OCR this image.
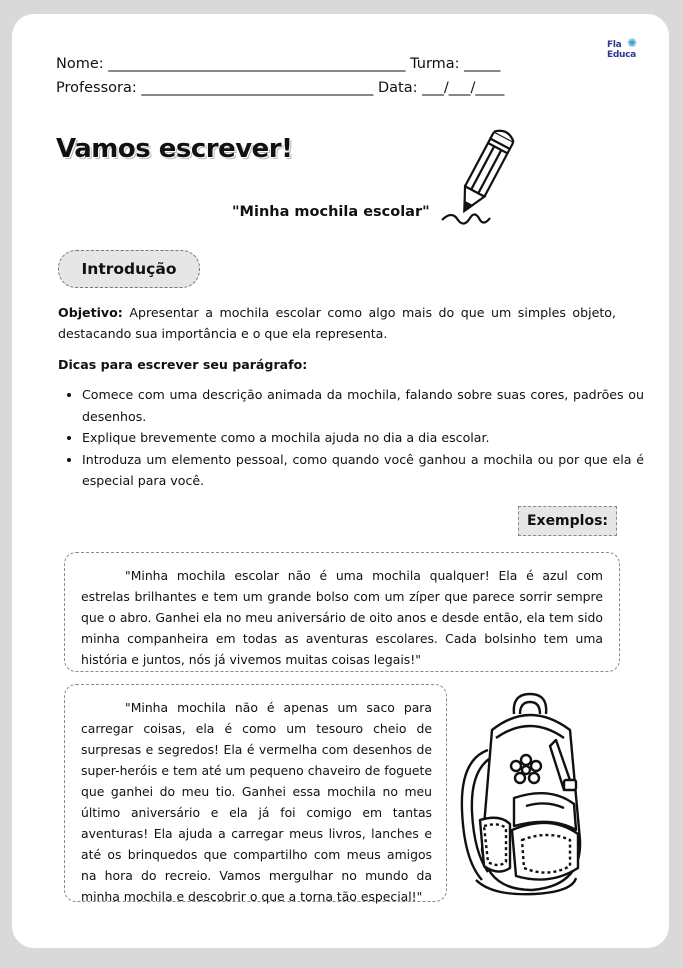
Fla ✺
Educa
Nome: _________________________________________ Turma: _____
Professora: ________________________________ Data: ___/___/____
Vamos escrever!
"Minha mochila escolar"
Introdução
Objetivo: Apresentar a mochila escolar como algo mais do que um simples objeto, destacando sua importância e o que ela representa.
Dicas para escrever seu parágrafo:
• Comece com uma descrição animada da mochila, falando sobre suas cores, padrões ou desenhos.
• Explique brevemente como a mochila ajuda no dia a dia escolar.
• Introduza um elemento pessoal, como quando você ganhou a mochila ou por que ela é especial para você.
Exemplos:
"Minha mochila escolar não é uma mochila qualquer! Ela é azul com estrelas brilhantes e tem um grande bolso com um zíper que parece sorrir sempre que o abro. Ganhei ela no meu aniversário de oito anos e desde então, ela tem sido minha companheira em todas as aventuras escolares. Cada bolsinho tem uma história e juntos, nós já vivemos muitas coisas legais!"
"Minha mochila não é apenas um saco para carregar coisas, ela é como um tesouro cheio de surpresas e segredos! Ela é vermelha com desenhos de super-heróis e tem até um pequeno chaveiro de foguete que ganhei do meu tio. Ganhei essa mochila no meu último aniversário e ela já foi comigo em tantas aventuras! Ela ajuda a carregar meus livros, lanches e até os brinquedos que compartilho com meus amigos na hora do recreio. Vamos mergulhar no mundo da minha mochila e descobrir o que a torna tão especial!"
